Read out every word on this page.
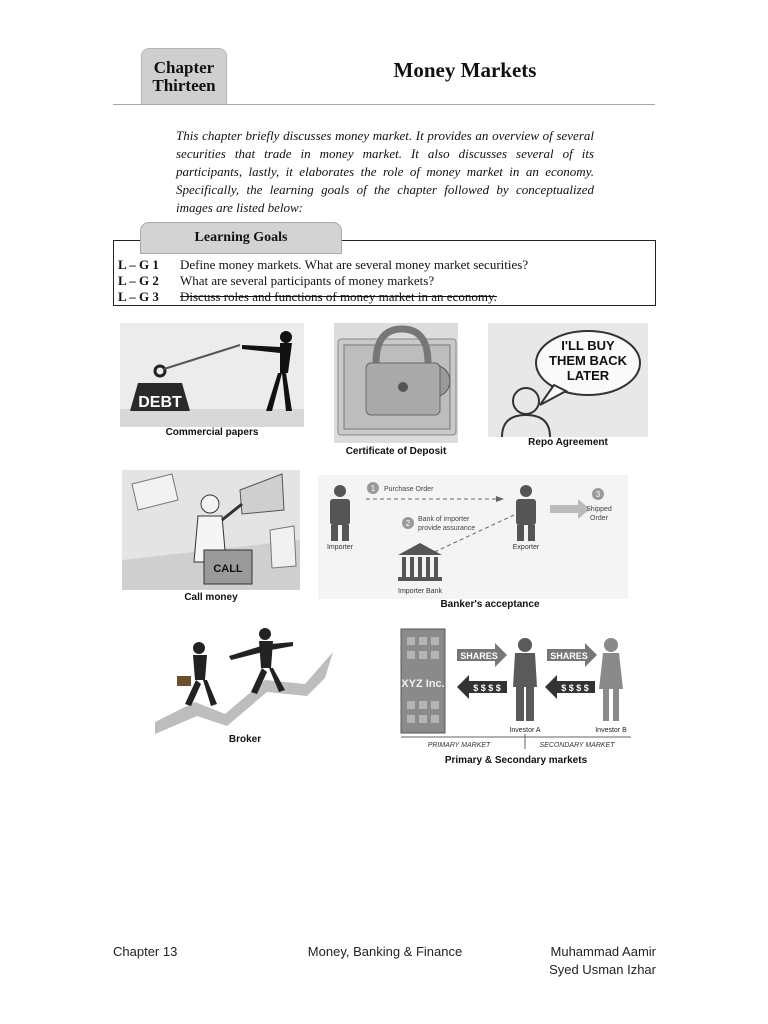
Chapter
Thirteen
Money Markets
This chapter briefly discusses money market. It provides an overview of several securities that trade in money market. It also discusses several of its participants, lastly, it elaborates the role of money market in an economy. Specifically, the learning goals of the chapter followed by conceptualized images are listed below:
Learning Goals
L – G 1 Define money markets. What are several money market securities?
L – G 2 What are several participants of money markets?
L – G 3 Discuss roles and functions of money market in an economy.
DEBT
Commercial papers
Certificate of Deposit
I'LL BUY
THEM BACK
LATER
Repo Agreement
CALL
Call money
Importer	Exporter
1 Purchase Order
2 Bank of importer
provide assurance
3
Shipped
Order
Importer Bank
Banker's acceptance
Broker
XYZ Inc.
SHARES
$ $ $ $
SHARES
$ $ $ $
Investor A	Investor B
PRIMARY MARKET	SECONDARY MARKET
Primary & Secondary markets
Chapter 13	Money, Banking & Finance	Muhammad Aamir
Syed Usman Izhar
